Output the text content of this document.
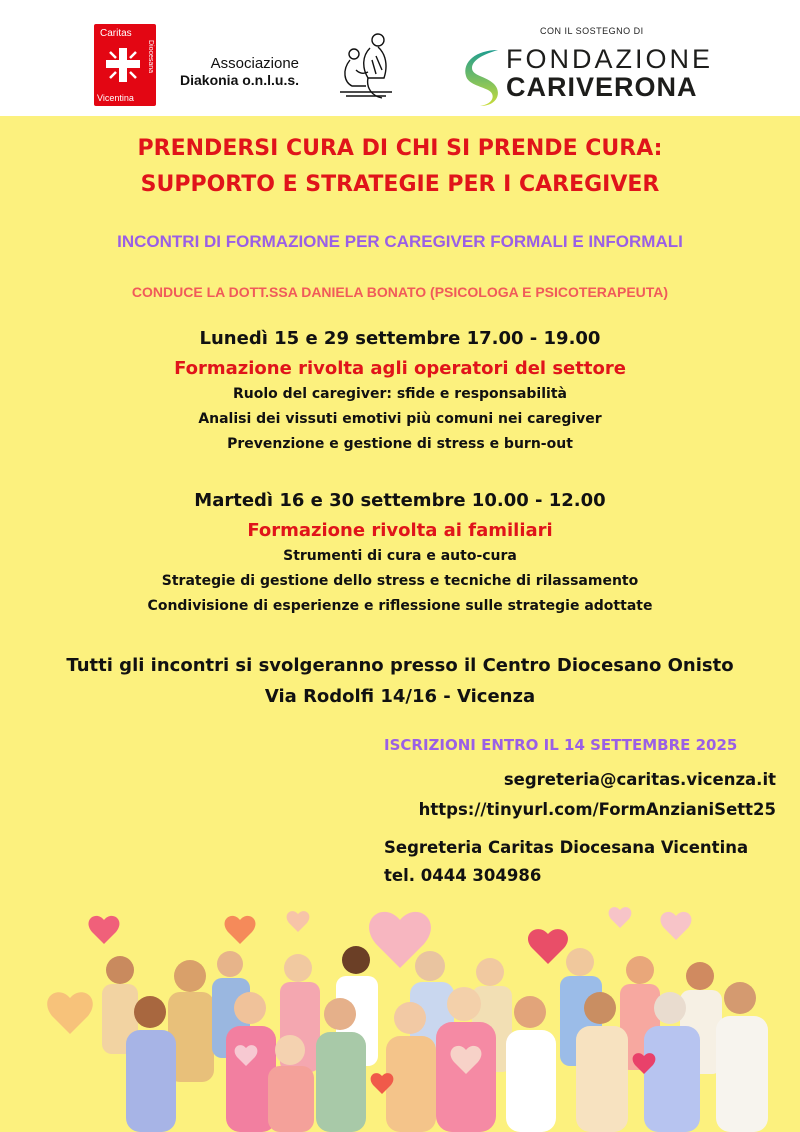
Caritas
Diocesana
Vicentina
Associazione
Diakonia o.n.l.u.s.
CON IL SOSTEGNO DI
FONDAZIONE
CARIVERONA
PRENDERSI CURA DI CHI SI PRENDE CURA:
SUPPORTO E STRATEGIE PER I CAREGIVER
INCONTRI DI FORMAZIONE PER CAREGIVER FORMALI E INFORMALI
CONDUCE LA DOTT.SSA DANIELA BONATO (PSICOLOGA E PSICOTERAPEUTA)
Lunedì 15 e 29 settembre 17.00 - 19.00
Formazione rivolta agli operatori del settore
Ruolo del caregiver: sfide e responsabilità
Analisi dei vissuti emotivi più comuni nei caregiver
Prevenzione e gestione di stress e burn-out
Martedì 16 e 30 settembre 10.00 - 12.00
Formazione rivolta ai familiari
Strumenti di cura e auto-cura
Strategie di gestione dello stress e tecniche di rilassamento
Condivisione di esperienze e riflessione sulle strategie adottate
Tutti gli incontri si svolgeranno presso il Centro Diocesano Onisto
Via Rodolfi 14/16 - Vicenza
ISCRIZIONI ENTRO IL 14 SETTEMBRE 2025
segreteria@caritas.vicenza.it
https://tinyurl.com/FormAnzianiSett25
Segreteria Caritas Diocesana Vicentina
tel. 0444 304986
